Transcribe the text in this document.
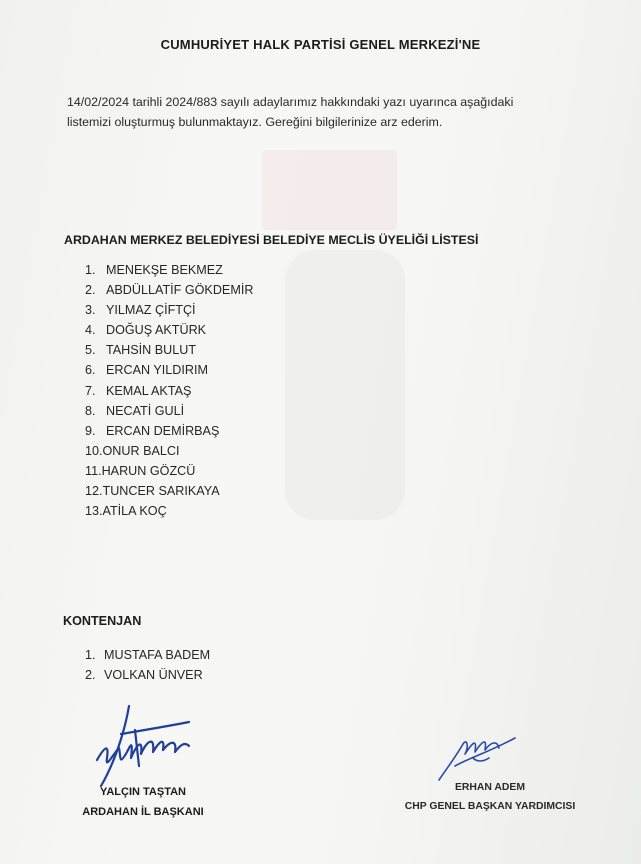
CUMHURİYET HALK PARTİSİ GENEL MERKEZİ'NE
14/02/2024 tarihli 2024/883 sayılı adaylarımız hakkındaki yazı uyarınca aşağıdaki
listemizi oluşturmuş bulunmaktayız. Gereğini bilgilerinize arz ederim.
ARDAHAN MERKEZ BELEDİYESİ BELEDİYE MECLİS ÜYELİĞİ LİSTESİ
1. MENEKŞE BEKMEZ
2. ABDÜLLATİF GÖKDEMİR
3. YILMAZ ÇİFTÇİ
4. DOĞUŞ AKTÜRK
5. TAHSİN BULUT
6. ERCAN YILDIRIM
7. KEMAL AKTAŞ
8. NECATİ GULİ
9. ERCAN DEMİRBAŞ
10.ONUR BALCI
11.HARUN GÖZCÜ
12.TUNCER SARIKAYA
13.ATİLA KOÇ
KONTENJAN
1. MUSTAFA BADEM
2. VOLKAN ÜNVER
YALÇIN TAŞTAN
ARDAHAN İL BAŞKANI
ERHAN ADEM
CHP GENEL BAŞKAN YARDIMCISI
